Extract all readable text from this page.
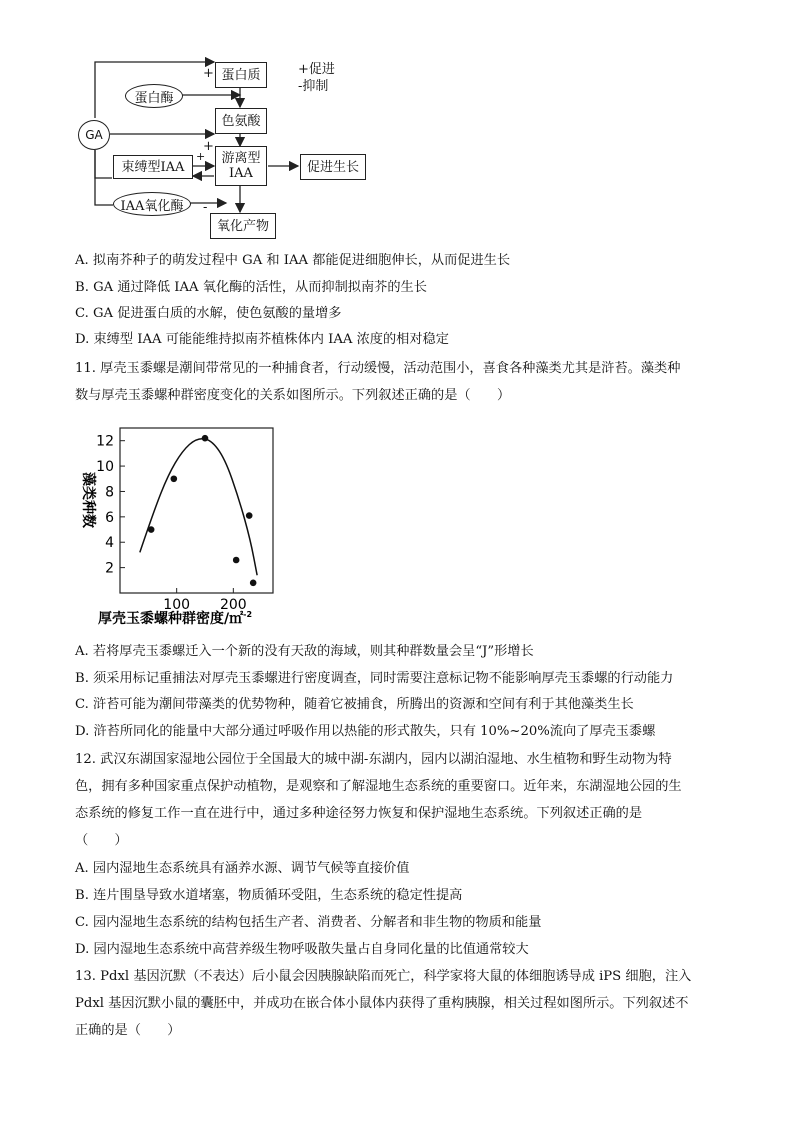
蛋白质
蛋白酶
色氨酸
GA
束缚型IAA
游离型
IAA	促进生长
IAA氧化酶
氧化产物
+促进
-抑制
+
+
+
-
A. 拟南芥种子的萌发过程中 GA 和 IAA 都能促进细胞伸长，从而促进生长
B. GA 通过降低 IAA 氧化酶的活性，从而抑制拟南芥的生长
C. GA 促进蛋白质的水解，使色氨酸的量增多
D. 束缚型 IAA 可能能维持拟南芥植株体内 IAA 浓度的相对稳定
11. 厚壳玉黍螺是潮间带常见的一种捕食者，行动缓慢，活动范围小，喜食各种藻类尤其是浒苔。藻类种
数与厚壳玉黍螺种群密度变化的关系如图所示。下列叙述正确的是（　　）
2
4
6
8
10
12
100 200
藻类种数
厚壳玉黍螺种群密度/㎡$^{-2}$
A. 若将厚壳玉黍螺迁入一个新的没有天敌的海域，则其种群数量会呈“J”形增长
B. 须采用标记重捕法对厚壳玉黍螺进行密度调查，同时需要注意标记物不能影响厚壳玉黍螺的行动能力
C. 浒苔可能为潮间带藻类的优势物种，随着它被捕食，所腾出的资源和空间有利于其他藻类生长
D. 浒苔所同化的能量中大部分通过呼吸作用以热能的形式散失，只有 10%~20%流向了厚壳玉黍螺
12. 武汉东湖国家湿地公园位于全国最大的城中湖-东湖内，园内以湖泊湿地、水生植物和野生动物为特
色，拥有多种国家重点保护动植物，是观察和了解湿地生态系统的重要窗口。近年来，东湖湿地公园的生
态系统的修复工作一直在进行中，通过多种途径努力恢复和保护湿地生态系统。下列叙述正确的是
（　　）
A. 园内湿地生态系统具有涵养水源、调节气候等直接价值
B. 连片围垦导致水道堵塞，物质循环受阻，生态系统的稳定性提高
C. 园内湿地生态系统的结构包括生产者、消费者、分解者和非生物的物质和能量
D. 园内湿地生态系统中高营养级生物呼吸散失量占自身同化量的比值通常较大
13. Pdxl 基因沉默（不表达）后小鼠会因胰腺缺陷而死亡，科学家将大鼠的体细胞诱导成 iPS 细胞，注入
Pdxl 基因沉默小鼠的囊胚中，并成功在嵌合体小鼠体内获得了重构胰腺，相关过程如图所示。下列叙述不
正确的是（　　）
